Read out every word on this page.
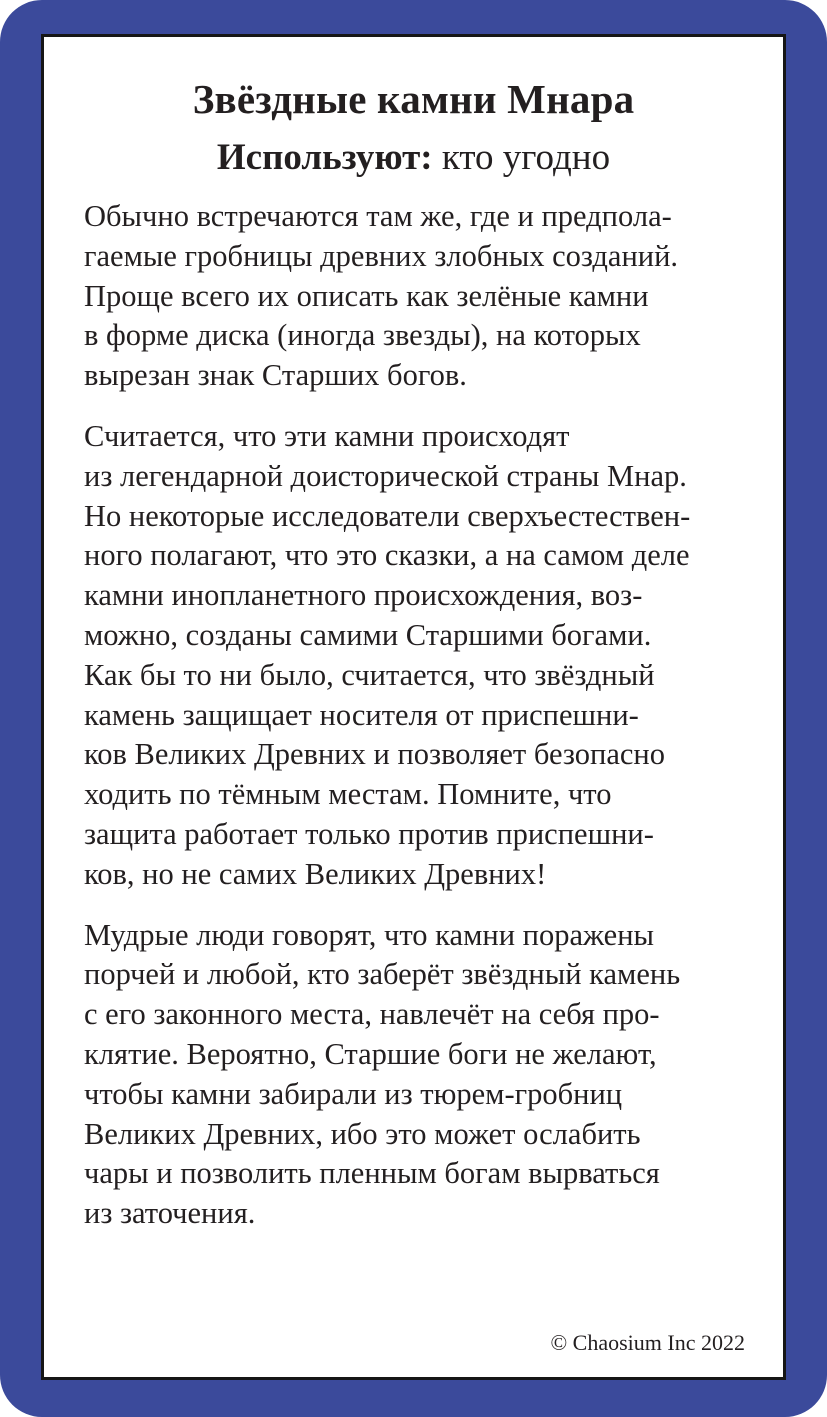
Звёздные камни Мнара
Используют: кто угодно

Обычно встречаются там же, где и предпола-
гаемые гробницы древних злобных созданий.
Проще всего их описать как зелёные камни
в форме диска (иногда звезды), на которых
вырезан знак Старших богов.

Считается, что эти камни происходят
из легендарной доисторической страны Мнар.
Но некоторые исследователи сверхъестествен-
ного полагают, что это сказки, а на самом деле
камни инопланетного происхождения, воз-
можно, созданы самими Старшими богами.
Как бы то ни было, считается, что звёздный
камень защищает носителя от приспешни-
ков Великих Древних и позволяет безопасно
ходить по тёмным местам. Помните, что
защита работает только против приспешни-
ков, но не самих Великих Древних!

Мудрые люди говорят, что камни поражены
порчей и любой, кто заберёт звёздный камень
с его законного места, навлечёт на себя про-
клятие. Вероятно, Старшие боги не желают,
чтобы камни забирали из тюрем-гробниц
Великих Древних, ибо это может ослабить
чары и позволить пленным богам вырваться
из заточения.

© Chaosium Inc 2022
